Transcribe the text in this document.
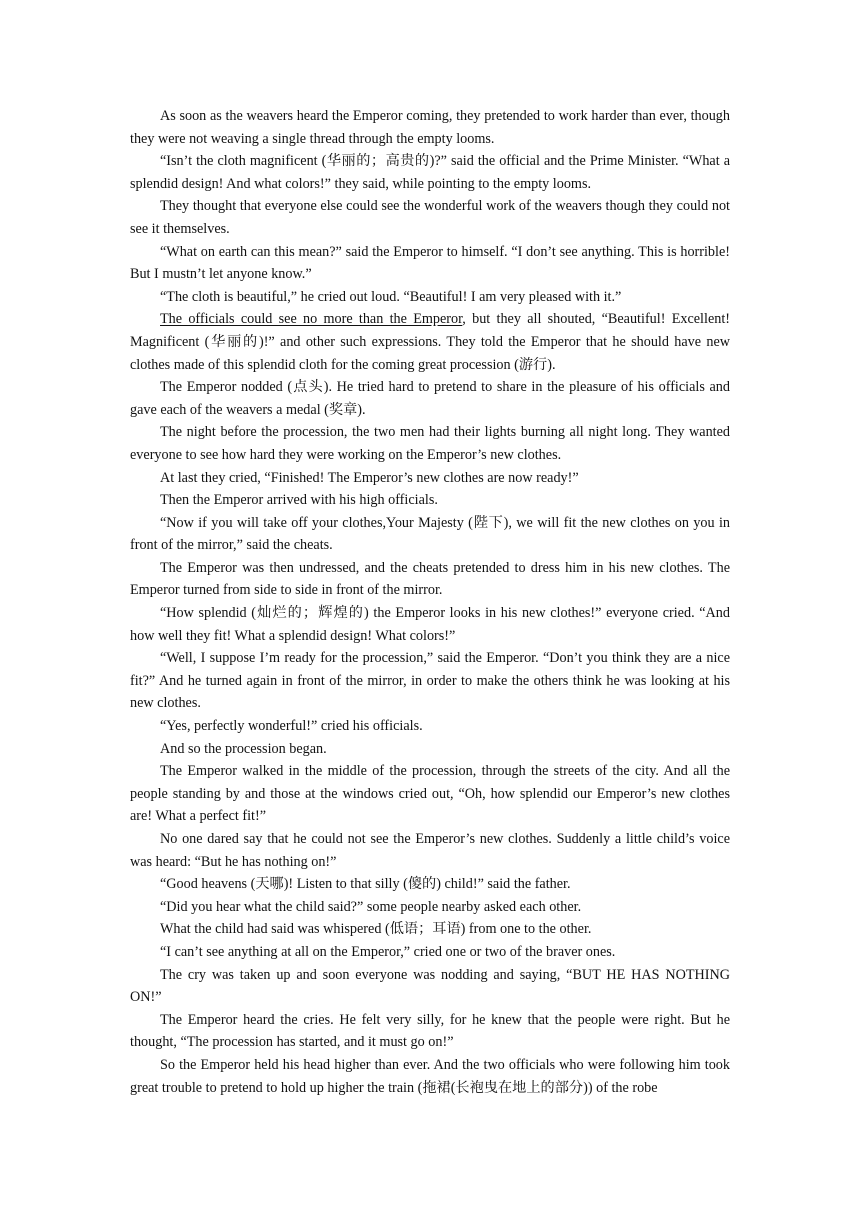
As soon as the weavers heard the Emperor coming, they pretended to work harder than ever, though they were not weaving a single thread through the empty looms.

“Isn’t the cloth magnificent (华丽的；高贵的)?” said the official and the Prime Minister. “What a splendid design! And what colors!” they said, while pointing to the empty looms.

They thought that everyone else could see the wonderful work of the weavers though they could not see it themselves.

“What on earth can this mean?” said the Emperor to himself. “I don’t see anything. This is horrible! But I mustn’t let anyone know.”

“The cloth is beautiful,” he cried out loud. “Beautiful! I am very pleased with it.”

The officials could see no more than the Emperor, but they all shouted, “Beautiful! Excellent! Magnificent (华丽的)!” and other such expressions. They told the Emperor that he should have new clothes made of this splendid cloth for the coming great procession (游行).

The Emperor nodded (点头). He tried hard to pretend to share in the pleasure of his officials and gave each of the weavers a medal (奖章).

The night before the procession, the two men had their lights burning all night long. They wanted everyone to see how hard they were working on the Emperor’s new clothes.

At last they cried, “Finished! The Emperor’s new clothes are now ready!”

Then the Emperor arrived with his high officials.

“Now if you will take off your clothes,Your Majesty (陛下), we will fit the new clothes on you in front of the mirror,” said the cheats.

The Emperor was then undressed, and the cheats pretended to dress him in his new clothes. The Emperor turned from side to side in front of the mirror.

“How splendid (灿烂的；辉煌的) the Emperor looks in his new clothes!” everyone cried. “And how well they fit! What a splendid design! What colors!”

“Well, I suppose I’m ready for the procession,” said the Emperor. “Don’t you think they are a nice fit?” And he turned again in front of the mirror, in order to make the others think he was looking at his new clothes.

“Yes, perfectly wonderful!” cried his officials.

And so the procession began.

The Emperor walked in the middle of the procession, through the streets of the city. And all the people standing by and those at the windows cried out, “Oh, how splendid our Emperor’s new clothes are! What a perfect fit!”

No one dared say that he could not see the Emperor’s new clothes. Suddenly a little child’s voice was heard: “But he has nothing on!”

“Good heavens (天哪)! Listen to that silly (傻的) child!” said the father.

“Did you hear what the child said?” some people nearby asked each other.

What the child had said was whispered (低语；耳语) from one to the other.

“I can’t see anything at all on the Emperor,” cried one or two of the braver ones.

The cry was taken up and soon everyone was nodding and saying, “BUT HE HAS NOTHING ON!”

The Emperor heard the cries. He felt very silly, for he knew that the people were right. But he thought, “The procession has started, and it must go on!”

So the Emperor held his head higher than ever. And the two officials who were following him took great trouble to pretend to hold up higher the train (拖裙(长袍曳在地上的部分)) of the robe
